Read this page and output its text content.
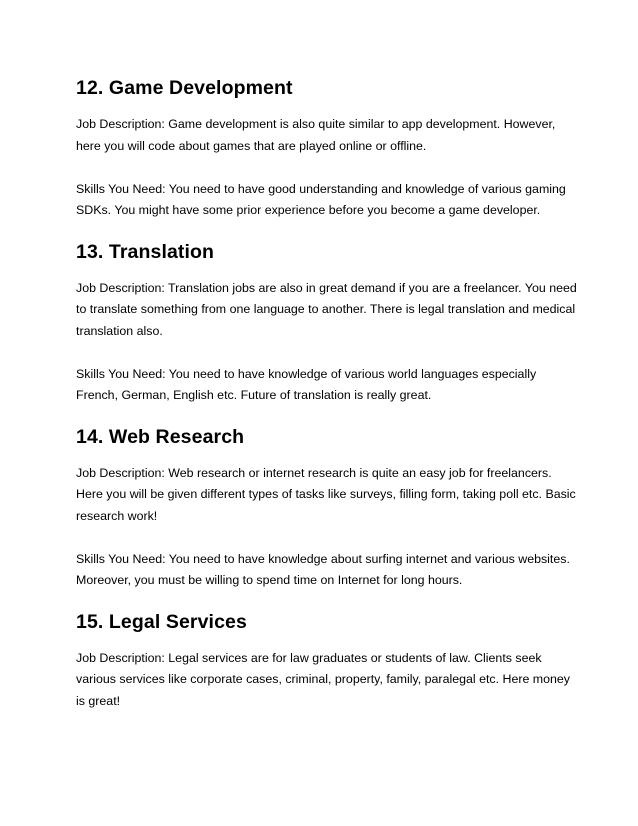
12. Game Development

Job Description: Game development is also quite similar to app development. However, here you will code about games that are played online or offline.

Skills You Need: You need to have good understanding and knowledge of various gaming SDKs. You might have some prior experience before you become a game developer.

13. Translation

Job Description: Translation jobs are also in great demand if you are a freelancer. You need to translate something from one language to another. There is legal translation and medical translation also.

Skills You Need: You need to have knowledge of various world languages especially French, German, English etc. Future of translation is really great.

14. Web Research

Job Description: Web research or internet research is quite an easy job for freelancers. Here you will be given different types of tasks like surveys, filling form, taking poll etc. Basic research work!

Skills You Need: You need to have knowledge about surfing internet and various websites. Moreover, you must be willing to spend time on Internet for long hours.

15. Legal Services

Job Description: Legal services are for law graduates or students of law. Clients seek various services like corporate cases, criminal, property, family, paralegal etc. Here money is great!
